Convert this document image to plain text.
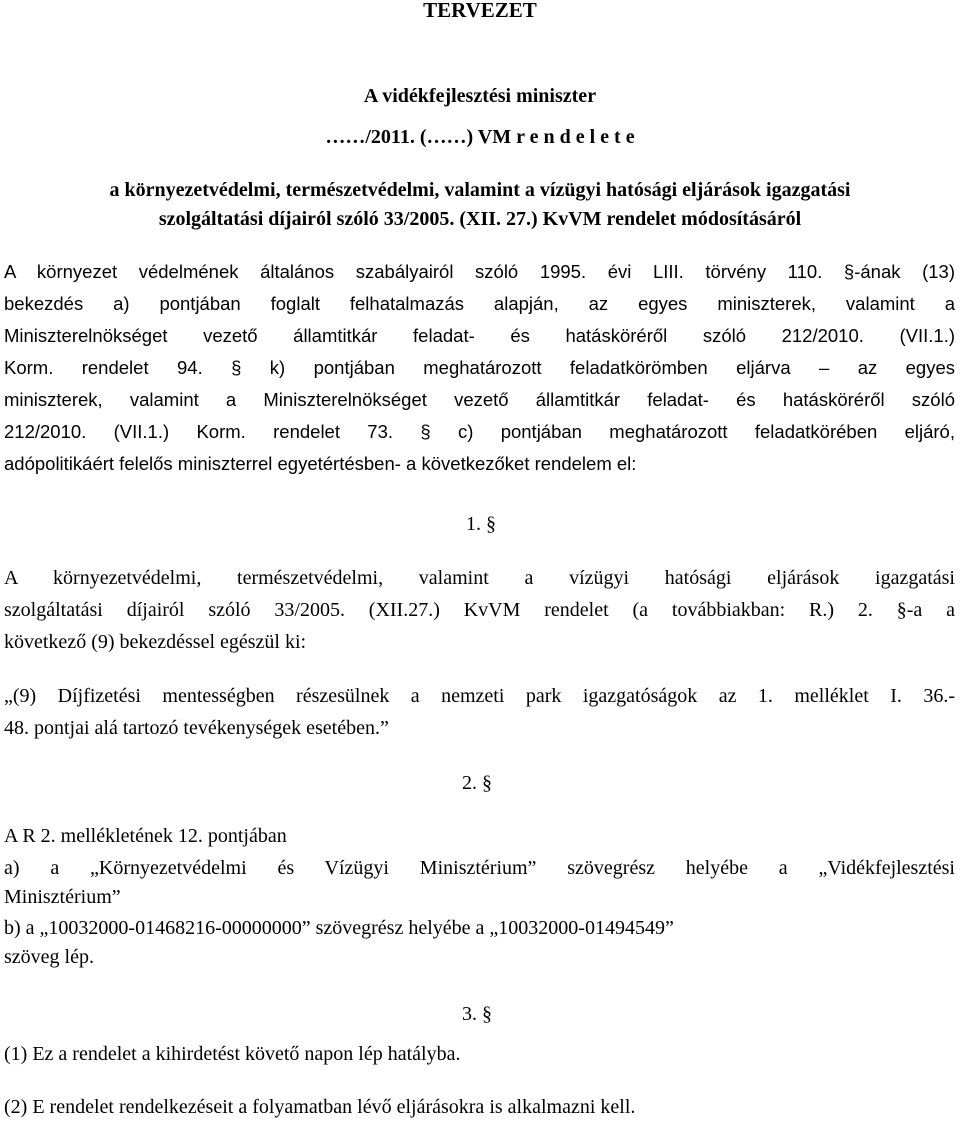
TERVEZET
A vidékfejlesztési miniszter
……/2011. (……) VM r e n d e l e t e
a környezetvédelmi, természetvédelmi, valamint a vízügyi hatósági eljárások igazgatási
szolgáltatási díjairól szóló 33/2005. (XII. 27.) KvVM rendelet módosításáról
A környezet védelmének általános szabályairól szóló 1995. évi LIII. törvény 110. §-ának (13)
bekezdés a) pontjában foglalt felhatalmazás alapján, az egyes miniszterek, valamint a
Miniszterelnökséget vezető államtitkár feladat- és hatásköréről szóló 212/2010. (VII.1.)
Korm. rendelet 94. § k) pontjában meghatározott feladatkörömben eljárva – az egyes
miniszterek, valamint a Miniszterelnökséget vezető államtitkár feladat- és hatásköréről szóló
212/2010. (VII.1.) Korm. rendelet 73. § c) pontjában meghatározott feladatkörében eljáró,
adópolitikáért felelős miniszterrel egyetértésben- a következőket rendelem el:
1. §
A környezetvédelmi, természetvédelmi, valamint a vízügyi hatósági eljárások igazgatási
szolgáltatási díjairól szóló 33/2005. (XII.27.) KvVM rendelet (a továbbiakban: R.) 2. §-a a
következő (9) bekezdéssel egészül ki:
„(9) Díjfizetési mentességben részesülnek a nemzeti park igazgatóságok az 1. melléklet I. 36.-
48. pontjai alá tartozó tevékenységek esetében.”
2. §
A R 2. mellékletének 12. pontjában
a) a „Környezetvédelmi és Vízügyi Minisztérium” szövegrész helyébe a „Vidékfejlesztési
Minisztérium”
b) a „10032000-01468216-00000000” szövegrész helyébe a „10032000-01494549”
szöveg lép.
3. §
(1) Ez a rendelet a kihirdetést követő napon lép hatályba.
(2) E rendelet rendelkezéseit a folyamatban lévő eljárásokra is alkalmazni kell.
